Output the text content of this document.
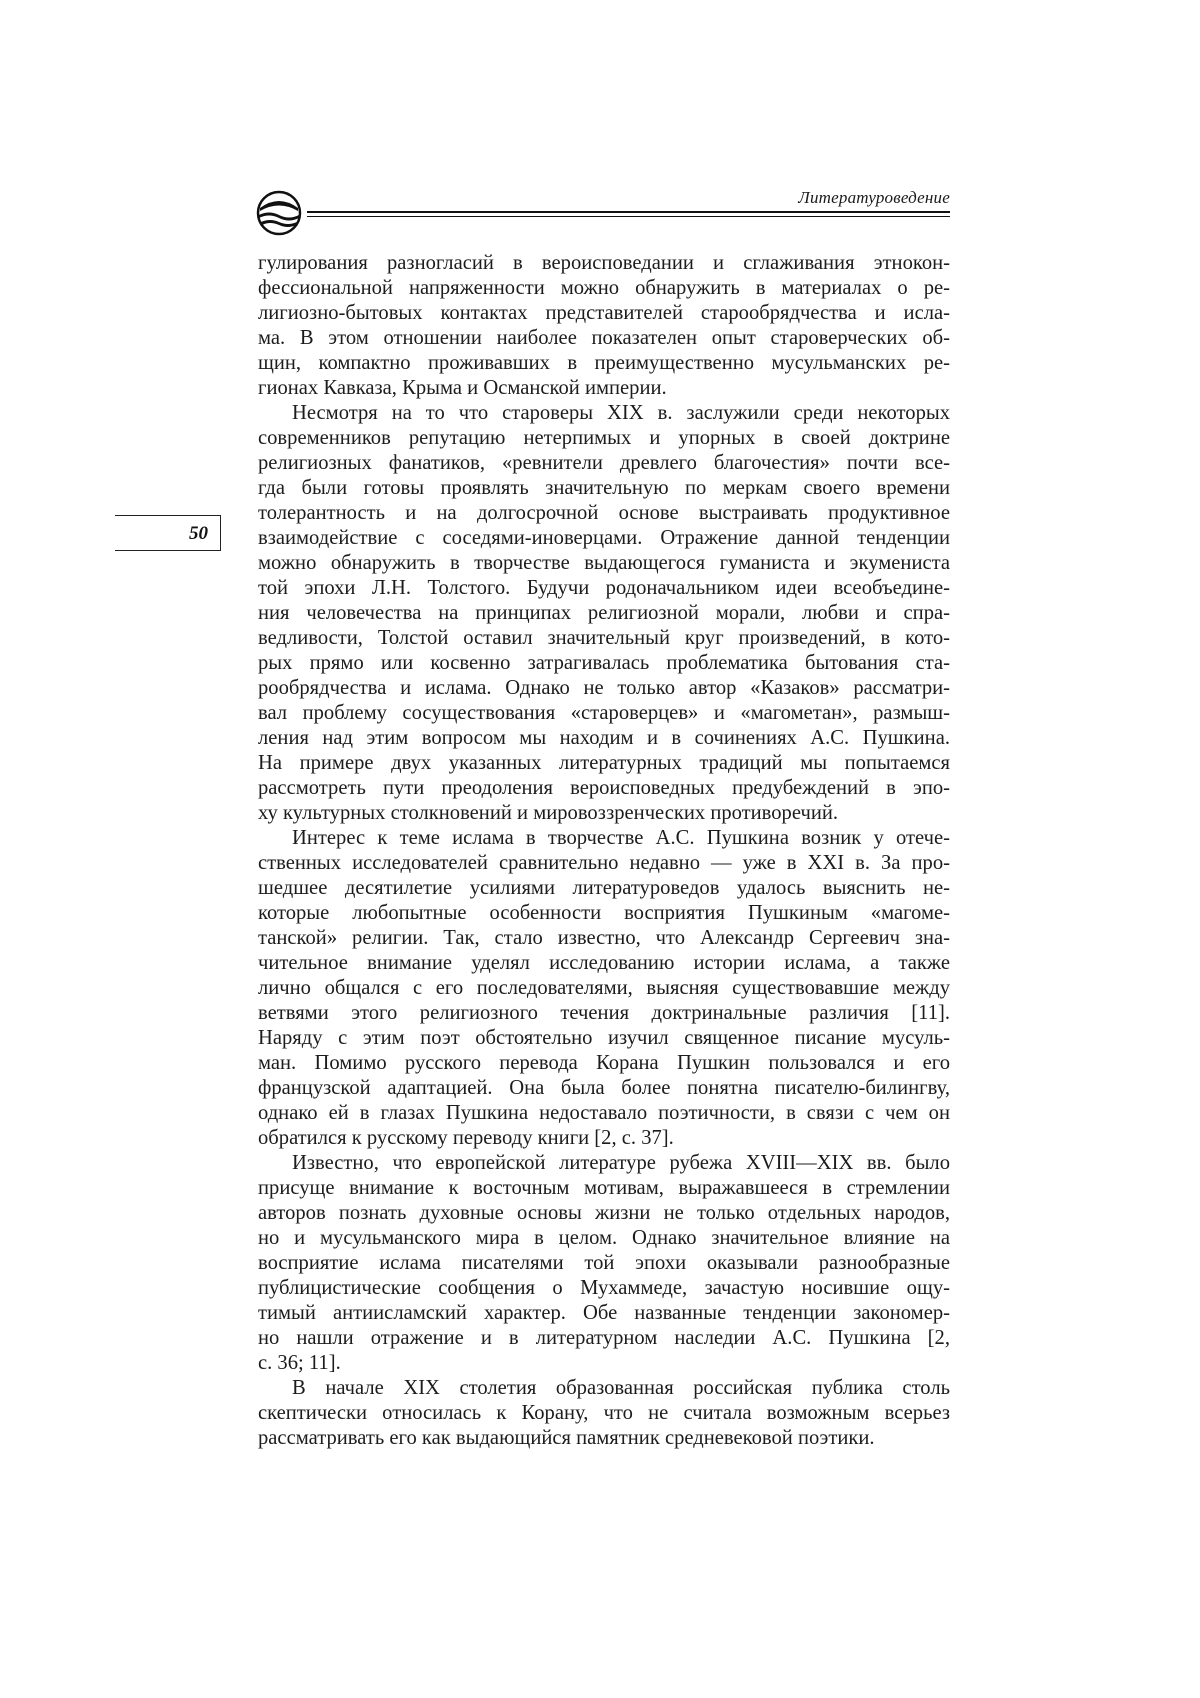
Литературоведение
50
гулирования разногласий в вероисповедании и сглаживания этнокон-
фессиональной напряженности можно обнаружить в материалах о ре-
лигиозно-бытовых контактах представителей старообрядчества и исла-
ма. В этом отношении наиболее показателен опыт староверческих об-
щин, компактно проживавших в преимущественно мусульманских ре-
гионах Кавказа, Крыма и Османской империи.
Несмотря на то что староверы XIX в. заслужили среди некоторых
современников репутацию нетерпимых и упорных в своей доктрине
религиозных фанатиков, «ревнители древлего благочестия» почти все-
гда были готовы проявлять значительную по меркам своего времени
толерантность и на долгосрочной основе выстраивать продуктивное
взаимодействие с соседями-иноверцами. Отражение данной тенденции
можно обнаружить в творчестве выдающегося гуманиста и экумениста
той эпохи Л.Н. Толстого. Будучи родоначальником идеи всеобъедине-
ния человечества на принципах религиозной морали, любви и спра-
ведливости, Толстой оставил значительный круг произведений, в кото-
рых прямо или косвенно затрагивалась проблематика бытования ста-
рообрядчества и ислама. Однако не только автор «Казаков» рассматри-
вал проблему сосуществования «староверцев» и «магометан», размыш-
ления над этим вопросом мы находим и в сочинениях А.С. Пушкина.
На примере двух указанных литературных традиций мы попытаемся
рассмотреть пути преодоления вероисповедных предубеждений в эпо-
ху культурных столкновений и мировоззренческих противоречий.
Интерес к теме ислама в творчестве А.С. Пушкина возник у отече-
ственных исследователей сравнительно недавно — уже в XXI в. За про-
шедшее десятилетие усилиями литературоведов удалось выяснить не-
которые любопытные особенности восприятия Пушкиным «магоме-
танской» религии. Так, стало известно, что Александр Сергеевич зна-
чительное внимание уделял исследованию истории ислама, а также
лично общался с его последователями, выясняя существовавшие между
ветвями этого религиозного течения доктринальные различия [11].
Наряду с этим поэт обстоятельно изучил священное писание мусуль-
ман. Помимо русского перевода Корана Пушкин пользовался и его
французской адаптацией. Она была более понятна писателю-билингву,
однако ей в глазах Пушкина недоставало поэтичности, в связи с чем он
обратился к русскому переводу книги [2, с. 37].
Известно, что европейской литературе рубежа XVIII—XIX вв. было
присуще внимание к восточным мотивам, выражавшееся в стремлении
авторов познать духовные основы жизни не только отдельных народов,
но и мусульманского мира в целом. Однако значительное влияние на
восприятие ислама писателями той эпохи оказывали разнообразные
публицистические сообщения о Мухаммеде, зачастую носившие ощу-
тимый антиисламский характер. Обе названные тенденции закономер-
но нашли отражение и в литературном наследии А.С. Пушкина [2,
с. 36; 11].
В начале XIX столетия образованная российская публика столь
скептически относилась к Корану, что не считала возможным всерьез
рассматривать его как выдающийся памятник средневековой поэтики.
